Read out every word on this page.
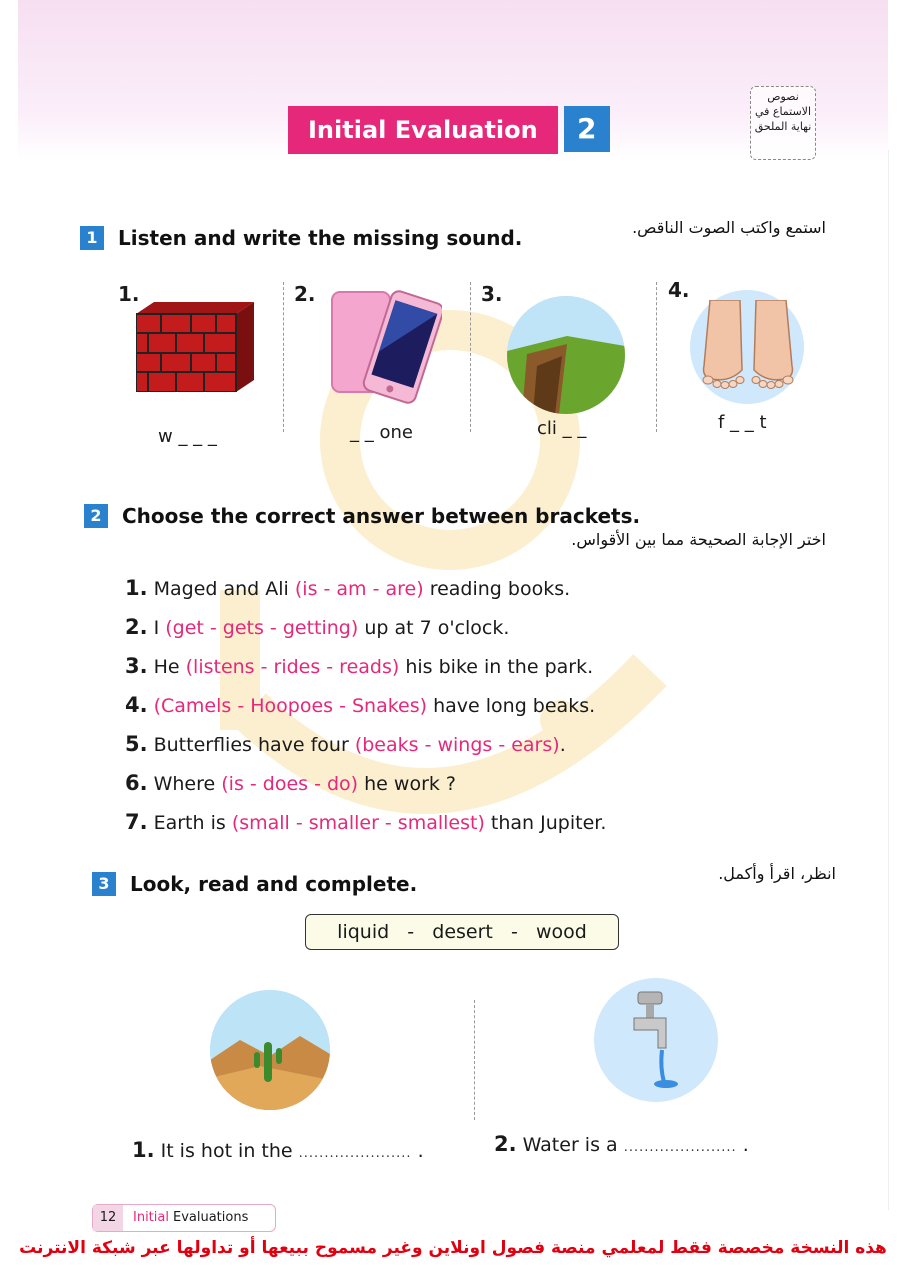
Initial Evaluation	2
نصوص الاستماع في نهاية الملحق
1	Listen and write the missing sound.	استمع واكتب الصوت الناقص.
1.
w _ _ _
2.
_ _ one
3.
cli _ _
4.
f _ _ t
2	Choose the correct answer between brackets.
اختر الإجابة الصحيحة مما بين الأقواس.
1. Maged and Ali (is - am - are) reading books.
2. I (get - gets - getting) up at 7 o'clock.
3. He (listens - rides - reads) his bike in the park.
4. (Camels - Hoopoes - Snakes) have long beaks.
5. Butterflies have four (beaks - wings - ears).
6. Where (is - does - do) he work ?
7. Earth is (small - smaller - smallest) than Jupiter.
3	Look, read and complete.	انظر، اقرأ وأكمل.
liquid   -   desert   -   wood
1. It is hot in the ...................... .	2. Water is a ...................... .
12 Initial Evaluations
هذه النسخة مخصصة فقط لمعلمي منصة فصول اونلاين وغير مسموح ببيعها أو تداولها عبر شبكة الانترنت
